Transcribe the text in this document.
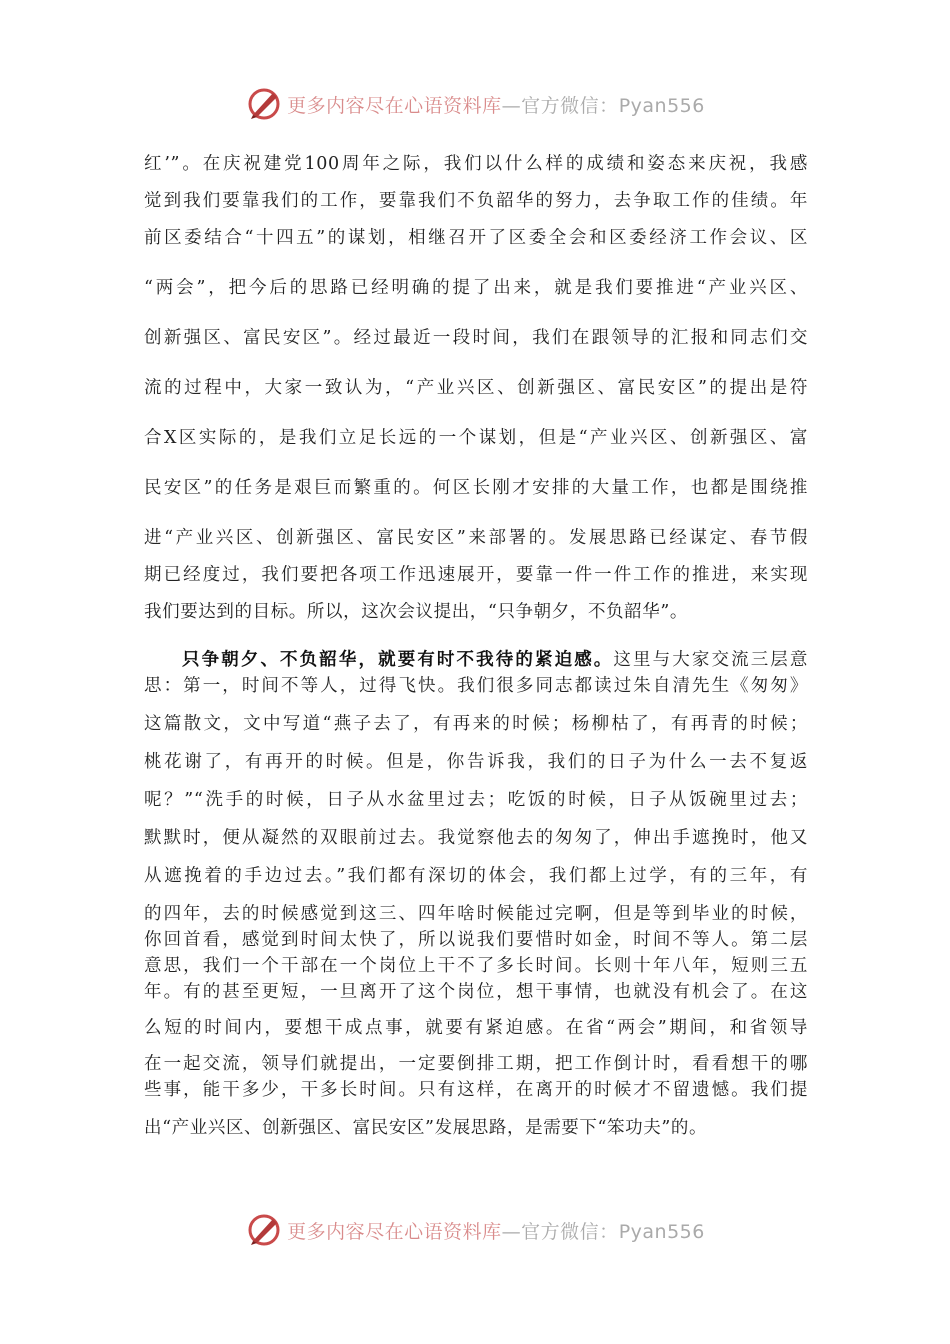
更多内容尽在心语资料库—官方微信：Pyan556
红’”。在庆祝建党100周年之际，我们以什么样的成绩和姿态来庆祝，我感
觉到我们要靠我们的工作，要靠我们不负韶华的努力，去争取工作的佳绩。年
前区委结合“十四五”的谋划，相继召开了区委全会和区委经济工作会议、区
“两会”，把今后的思路已经明确的提了出来，就是我们要推进“产业兴区、
创新强区、富民安区”。经过最近一段时间，我们在跟领导的汇报和同志们交
流的过程中，大家一致认为，“产业兴区、创新强区、富民安区”的提出是符
合X区实际的，是我们立足长远的一个谋划，但是“产业兴区、创新强区、富
民安区”的任务是艰巨而繁重的。何区长刚才安排的大量工作，也都是围绕推
进“产业兴区、创新强区、富民安区”来部署的。发展思路已经谋定、春节假
期已经度过，我们要把各项工作迅速展开，要靠一件一件工作的推进，来实现
我们要达到的目标。所以，这次会议提出，“只争朝夕，不负韶华”。
只争朝夕、不负韶华，就要有时不我待的紧迫感。这里与大家交流三层意
思：第一，时间不等人，过得飞快。我们很多同志都读过朱自清先生《匆匆》
这篇散文，文中写道“燕子去了，有再来的时候；杨柳枯了，有再青的时候；
桃花谢了，有再开的时候。但是，你告诉我，我们的日子为什么一去不复返
呢？”“洗手的时候，日子从水盆里过去；吃饭的时候，日子从饭碗里过去；
默默时，便从凝然的双眼前过去。我觉察他去的匆匆了，伸出手遮挽时，他又
从遮挽着的手边过去。”我们都有深切的体会，我们都上过学，有的三年，有
的四年，去的时候感觉到这三、四年啥时候能过完啊，但是等到毕业的时候，
你回首看，感觉到时间太快了，所以说我们要惜时如金，时间不等人。第二层
意思，我们一个干部在一个岗位上干不了多长时间。长则十年八年，短则三五
年。有的甚至更短，一旦离开了这个岗位，想干事情，也就没有机会了。在这
么短的时间内，要想干成点事，就要有紧迫感。在省“两会”期间，和省领导
在一起交流，领导们就提出，一定要倒排工期，把工作倒计时，看看想干的哪
些事，能干多少，干多长时间。只有这样，在离开的时候才不留遗憾。我们提
出“产业兴区、创新强区、富民安区”发展思路，是需要下“笨功夫”的。
更多内容尽在心语资料库—官方微信：Pyan556
